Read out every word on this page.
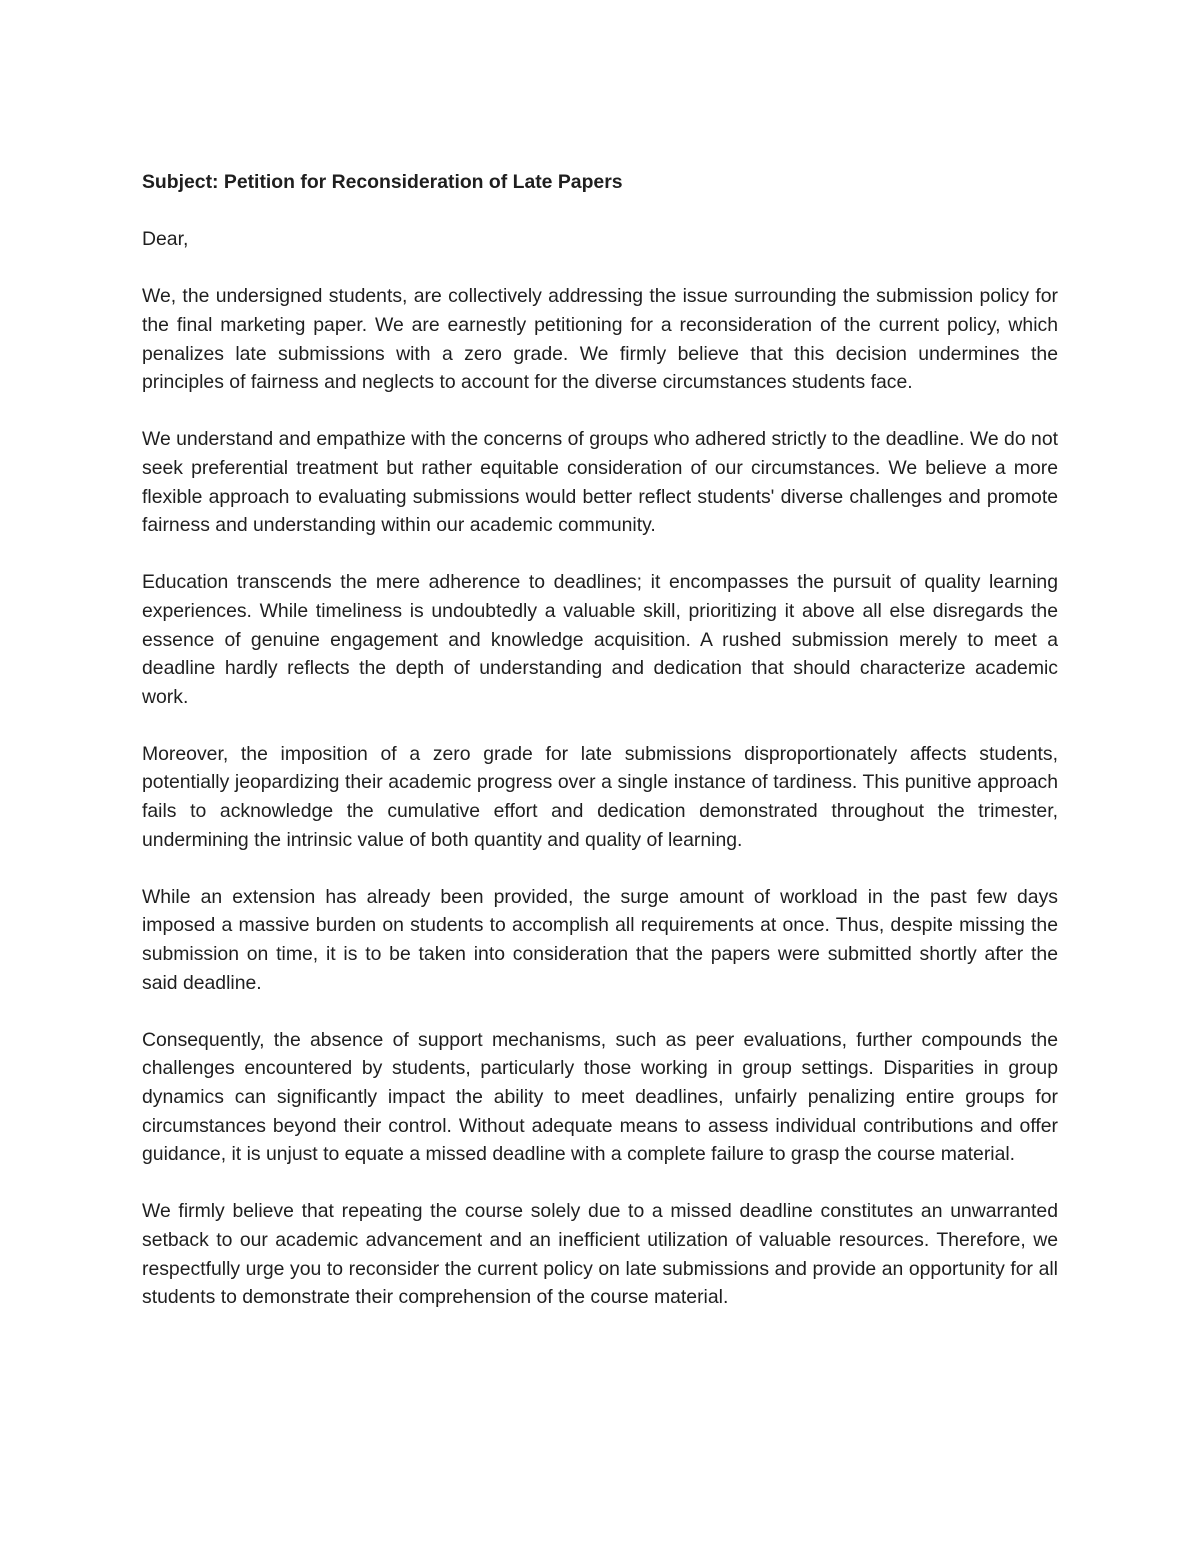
Subject: Petition for Reconsideration of Late Papers

Dear,

We, the undersigned students, are collectively addressing the issue surrounding the submission policy for the final marketing paper. We are earnestly petitioning for a reconsideration of the current policy, which penalizes late submissions with a zero grade. We firmly believe that this decision undermines the principles of fairness and neglects to account for the diverse circumstances students face.

We understand and empathize with the concerns of groups who adhered strictly to the deadline. We do not seek preferential treatment but rather equitable consideration of our circumstances. We believe a more flexible approach to evaluating submissions would better reflect students' diverse challenges and promote fairness and understanding within our academic community.

Education transcends the mere adherence to deadlines; it encompasses the pursuit of quality learning experiences. While timeliness is undoubtedly a valuable skill, prioritizing it above all else disregards the essence of genuine engagement and knowledge acquisition. A rushed submission merely to meet a deadline hardly reflects the depth of understanding and dedication that should characterize academic work.

Moreover, the imposition of a zero grade for late submissions disproportionately affects students, potentially jeopardizing their academic progress over a single instance of tardiness. This punitive approach fails to acknowledge the cumulative effort and dedication demonstrated throughout the trimester, undermining the intrinsic value of both quantity and quality of learning.

While an extension has already been provided, the surge amount of workload in the past few days imposed a massive burden on students to accomplish all requirements at once. Thus, despite missing the submission on time, it is to be taken into consideration that the papers were submitted shortly after the said deadline.

Consequently, the absence of support mechanisms, such as peer evaluations, further compounds the challenges encountered by students, particularly those working in group settings. Disparities in group dynamics can significantly impact the ability to meet deadlines, unfairly penalizing entire groups for circumstances beyond their control. Without adequate means to assess individual contributions and offer guidance, it is unjust to equate a missed deadline with a complete failure to grasp the course material.

We firmly believe that repeating the course solely due to a missed deadline constitutes an unwarranted setback to our academic advancement and an inefficient utilization of valuable resources. Therefore, we respectfully urge you to reconsider the current policy on late submissions and provide an opportunity for all students to demonstrate their comprehension of the course material.
